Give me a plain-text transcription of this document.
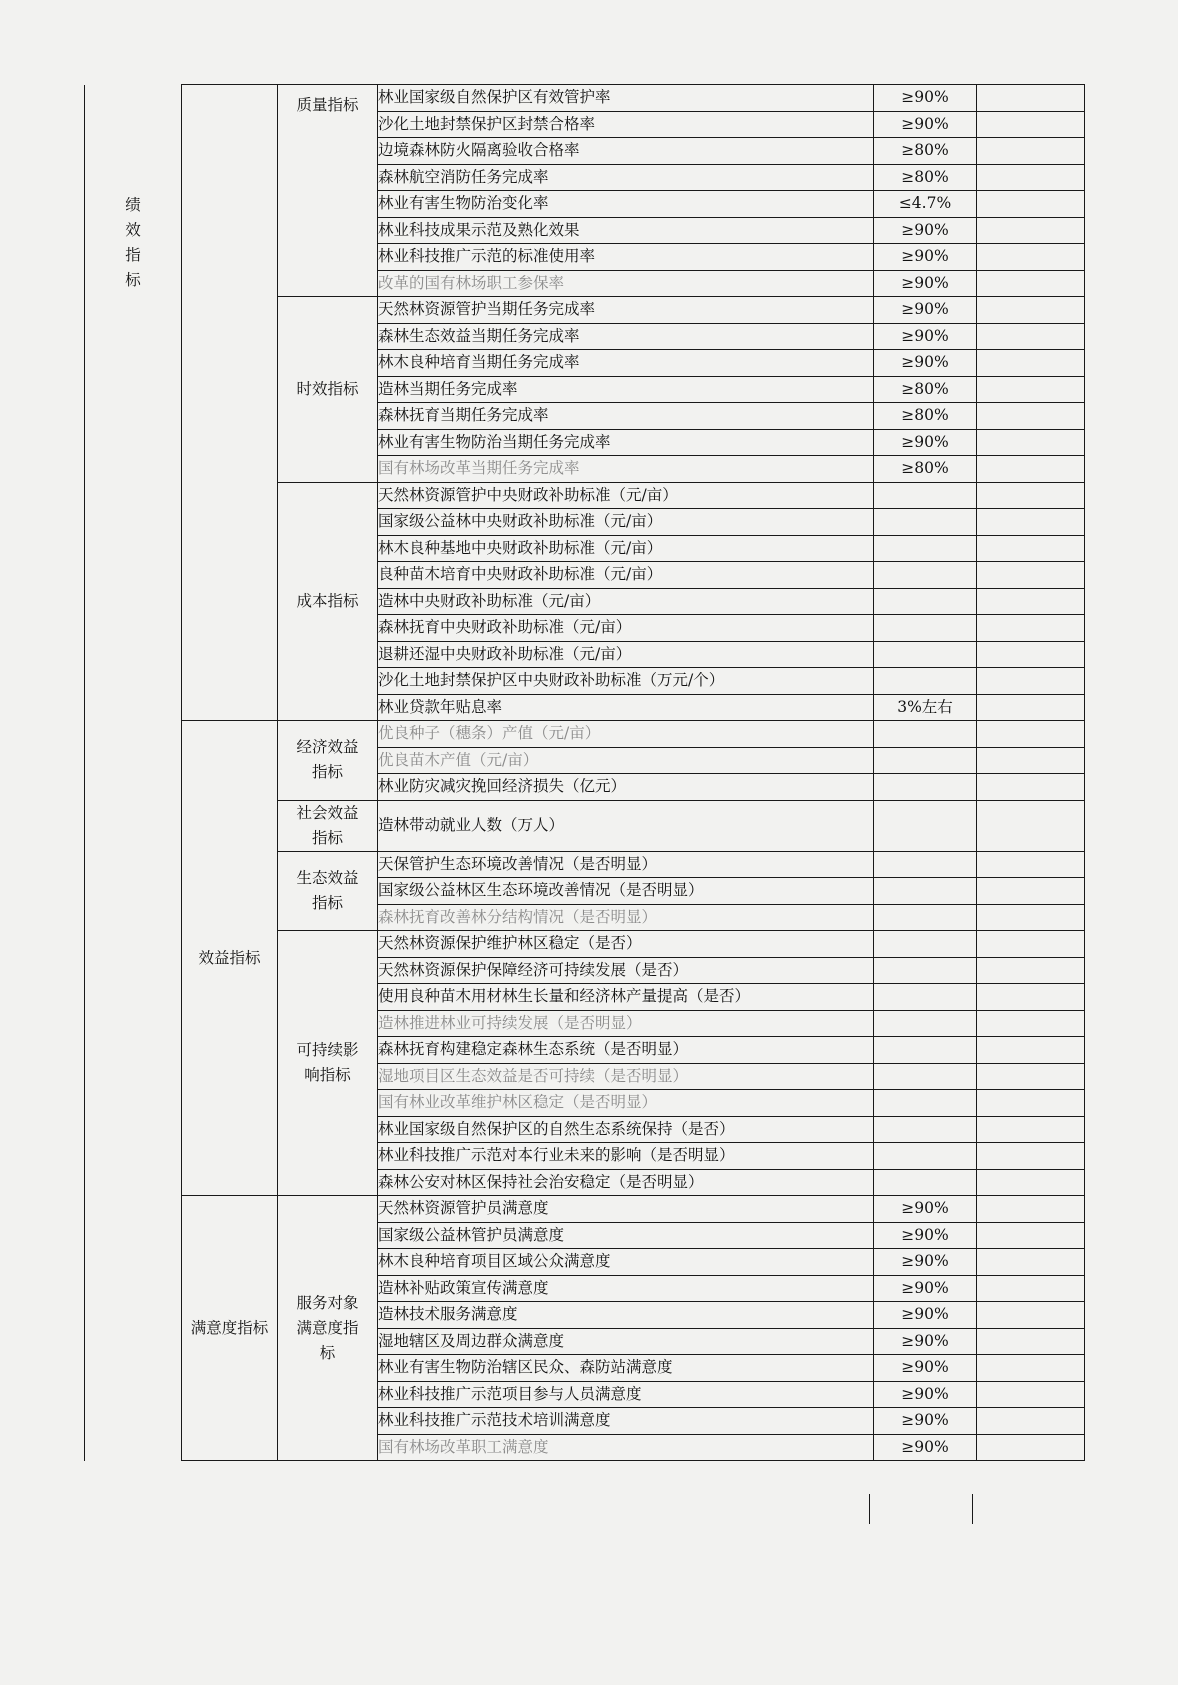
绩效指标		质量指标	林业国家级自然保护区有效管护率	≥90%	
			沙化土地封禁保护区封禁合格率	≥90%	
			边境森林防火隔离验收合格率	≥80%	
			森林航空消防任务完成率	≥80%	
			林业有害生物防治变化率	≤4.7%	
			林业科技成果示范及熟化效果	≥90%	
			林业科技推广示范的标准使用率	≥90%	
			改革的国有林场职工参保率	≥90%	

		时效指标	天然林资源管护当期任务完成率	≥90%	
			森林生态效益当期任务完成率	≥90%	
			林木良种培育当期任务完成率	≥90%	
			造林当期任务完成率	≥80%	
			森林抚育当期任务完成率	≥80%	
			林业有害生物防治当期任务完成率	≥90%	
			国有林场改革当期任务完成率	≥80%	

		成本指标	天然林资源管护中央财政补助标准（元/亩）		
			国家级公益林中央财政补助标准（元/亩）		
			林木良种基地中央财政补助标准（元/亩）		
			良种苗木培育中央财政补助标准（元/亩）		
			造林中央财政补助标准（元/亩）		
			森林抚育中央财政补助标准（元/亩）		
			退耕还湿中央财政补助标准（元/亩）		
			沙化土地封禁保护区中央财政补助标准（万元/个）		
			林业贷款年贴息率	3%左右	
	效益指标	经济效益指标	优良种子（穗条）产值（元/亩）		
			优良苗木产值（元/亩）		
			林业防灾减灾挽回经济损失（亿元）		

		社会效益指标	造林带动就业人数（万人）		

		生态效益指标	天保管护生态环境改善情况（是否明显）		
			国家级公益林区生态环境改善情况（是否明显）		
			森林抚育改善林分结构情况（是否明显）		

		可持续影响指标	天然林资源保护维护林区稳定（是否）		
			天然林资源保护保障经济可持续发展（是否）		
			使用良种苗木用材林生长量和经济林产量提高（是否）		
			造林推进林业可持续发展（是否明显）		
			森林抚育构建稳定森林生态系统（是否明显）		
			湿地项目区生态效益是否可持续（是否明显）		
			国有林业改革维护林区稳定（是否明显）		
			林业国家级自然保护区的自然生态系统保持（是否）		
			林业科技推广示范对本行业未来的影响（是否明显）		
			森林公安对林区保持社会治安稳定（是否明显）		
	满意度指标	服务对象满意度指标	天然林资源管护员满意度	≥90%	
			国家级公益林管护员满意度	≥90%	
			林木良种培育项目区域公众满意度	≥90%	
			造林补贴政策宣传满意度	≥90%	
			造林技术服务满意度	≥90%	
			湿地辖区及周边群众满意度	≥90%	
			林业有害生物防治辖区民众、森防站满意度	≥90%	
			林业科技推广示范项目参与人员满意度	≥90%	
			林业科技推广示范技术培训满意度	≥90%	
			国有林场改革职工满意度	≥90%	
